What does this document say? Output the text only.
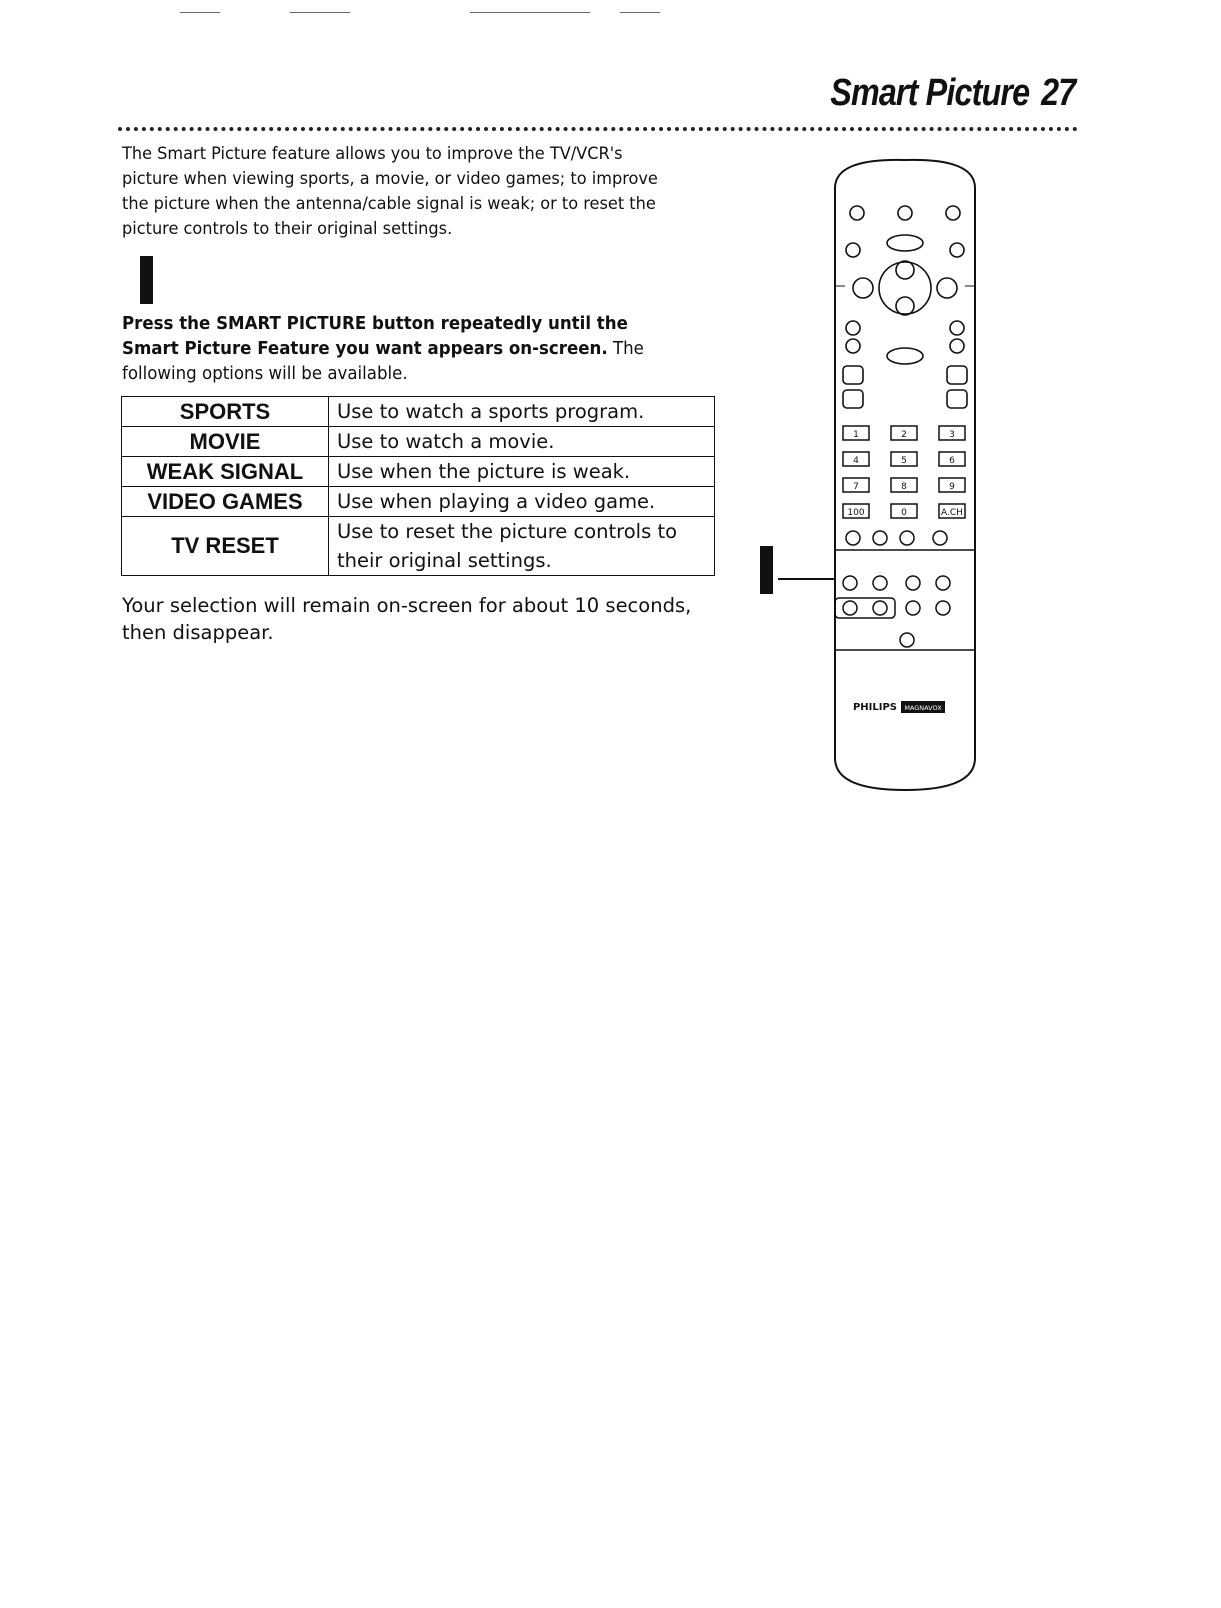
Smart Picture 27
The Smart Picture feature allows you to improve the TV/VCR's picture when viewing sports, a movie, or video games; to improve the picture when the antenna/cable signal is weak; or to reset the picture controls to their original settings.
Press the SMART PICTURE button repeatedly until the Smart Picture Feature you want appears on-screen. The following options will be available.
SPORTS	Use to watch a sports program.
MOVIE	Use to watch a movie.
WEAK SIGNAL	Use when the picture is weak.
VIDEO GAMES	Use when playing a video game.
TV RESET	Use to reset the picture controls to their original settings.
Your selection will remain on-screen for about 10 seconds, then disappear.
1	2	3
4	5	6
7	8	9
100	0	A.CH
PHILIPS MAGNAVOX
